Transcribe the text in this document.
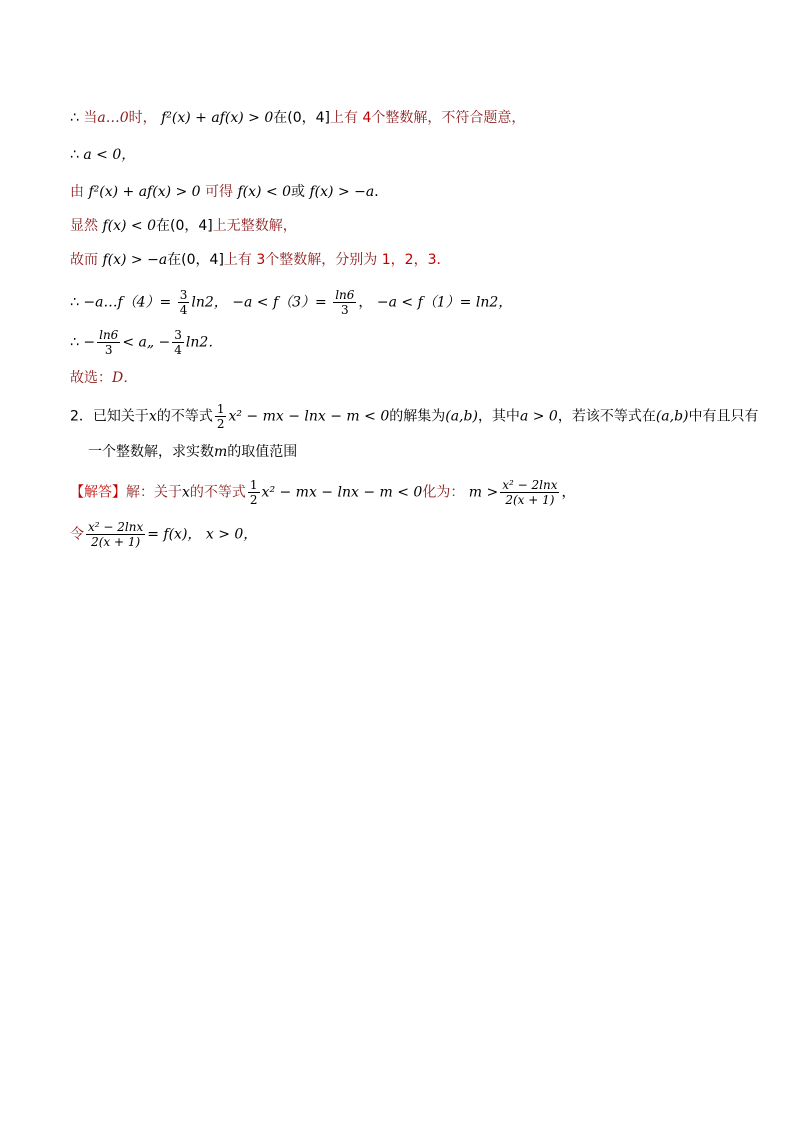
∴ 当a…0时， f²(x) + af(x) > 0在(0，4]上有 4个整数解，不符合题意，
∴ a < 0，
由 f²(x) + af(x) > 0 可得 f(x) < 0或 f(x) > −a．
显然 f(x) < 0在(0，4]上无整数解，
故而 f(x) > −a在(0，4]上有 3个整数解，分别为 1，2，3．
∴ −a…f（4）= $\frac{3}{4} \ln 2$， $-a < f(3)= \frac{\ln 6}{3}$ ， −a < f（1）= ln2，
∴ − $\frac{\ln 6}{3}$ < a„ − $\frac{3}{4} \ln 2$．
故选：D．
2．已知关于x的不等式 $\frac{1}{2} x^2$ − mx − lnx − m < 0的解集为(a,b)，其中a > 0，若该不等式在(a,b)中有且只有
一个整数解，求实数m的取值范围
【解答】解：关于x的不等式 $\frac{1}{2} x^2$ − mx − lnx − m < 0化为： $m > \frac{\text{x² − 2lnx}}{2(x + 1)}$ ，
令 $\frac{\text{x² − 2lnx}}{2(x + 1)} = f(x)$， x > 0，
